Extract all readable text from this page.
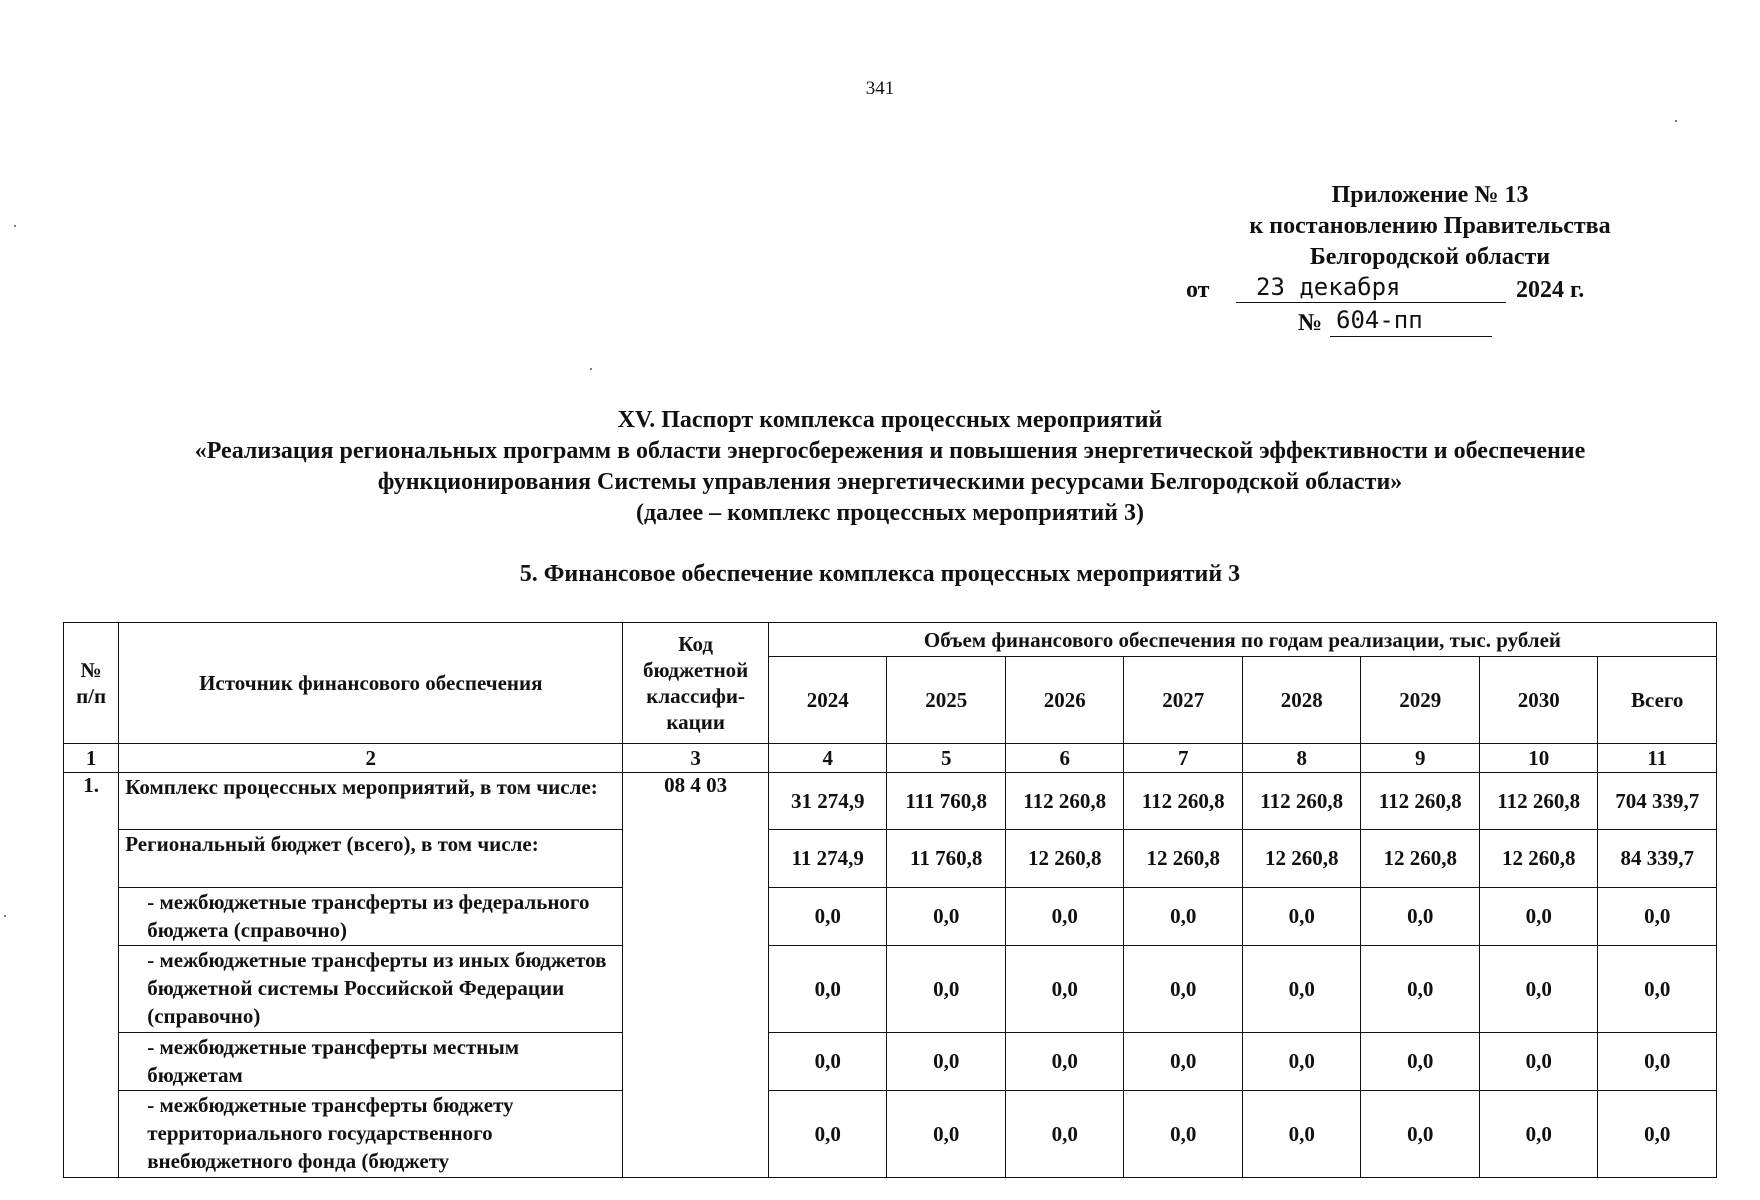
341
Приложение № 13
к постановлению Правительства
Белгородской области
от	23 декабря	2024 г.
№ 604-пп
XV. Паспорт комплекса процессных мероприятий
«Реализация региональных программ в области энергосбережения и повышения энергетической эффективности и обеспечение
функционирования Системы управления энергетическими ресурсами Белгородской области»
(далее – комплекс процессных мероприятий 3)
5. Финансовое обеспечение комплекса процессных мероприятий 3
№ п/п	Источник финансового обеспечения	Код бюджетной классифи- кации	Объем финансового обеспечения по годам реализации, тыс. рублей							
			2024	2025	2026	2027	2028	2029	2030	Всего
1	2	3	4	5	6	7	8	9	10	11
1.	Комплекс процессных мероприятий, в том числе:	08 4 03	31 274,9	111 760,8	112 260,8	112 260,8	112 260,8	112 260,8	112 260,8	704 339,7
	Региональный бюджет (всего), в том числе:		11 274,9	11 760,8	12 260,8	12 260,8	12 260,8	12 260,8	12 260,8	84 339,7
	- межбюджетные трансферты из федерального бюджета (справочно)		0,0	0,0	0,0	0,0	0,0	0,0	0,0	0,0
	- межбюджетные трансферты из иных бюджетов бюджетной системы Российской Федерации (справочно)		0,0	0,0	0,0	0,0	0,0	0,0	0,0	0,0
	- межбюджетные трансферты местным бюджетам		0,0	0,0	0,0	0,0	0,0	0,0	0,0	0,0
	- межбюджетные трансферты бюджету территориального государственного внебюджетного фонда (бюджету		0,0	0,0	0,0	0,0	0,0	0,0	0,0	0,0
